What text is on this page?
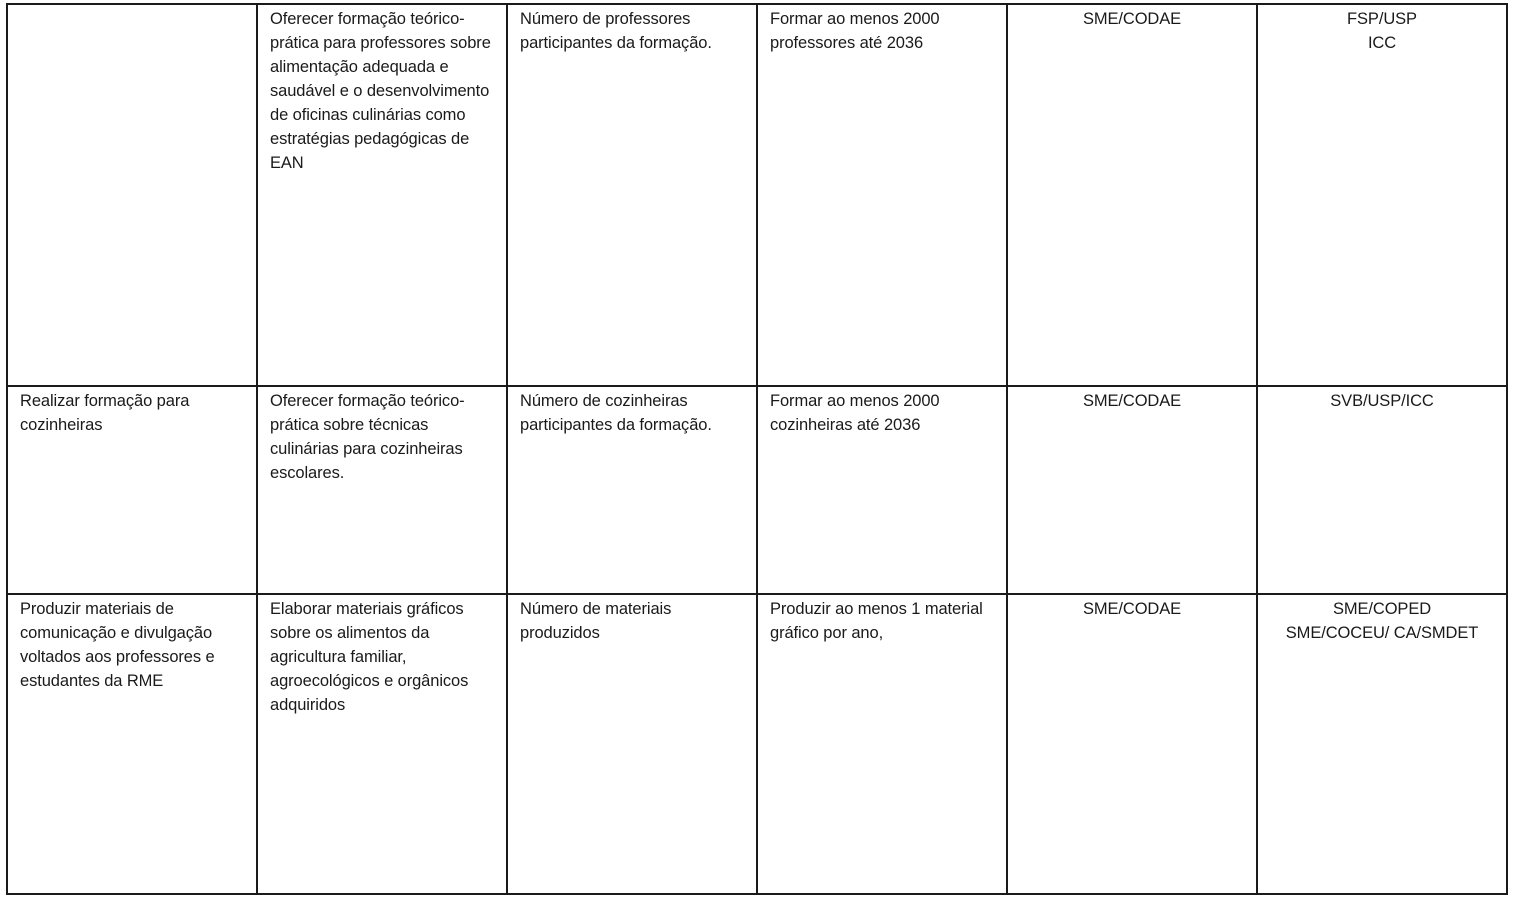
	Oferecer formação teórico-prática para professores sobre alimentação adequada e saudável e o desenvolvimento de oficinas culinárias como estratégias pedagógicas de EAN	Número de professores participantes da formação.	Formar ao menos 2000 professores até 2036	SME/CODAE	FSP/USP
ICC

Realizar formação para cozinheiras	Oferecer formação teórico-prática sobre técnicas culinárias para cozinheiras escolares.	Número de cozinheiras participantes da formação.	Formar ao menos 2000 cozinheiras até 2036	SME/CODAE	SVB/USP/ICC

Produzir materiais de comunicação e divulgação voltados aos professores e estudantes da RME	Elaborar materiais gráficos sobre os alimentos da agricultura familiar, agroecológicos e orgânicos adquiridos	Número de materiais produzidos	Produzir ao menos 1 material gráfico por ano,	SME/CODAE	SME/COPED
SME/COCEU/ CA/SMDET
